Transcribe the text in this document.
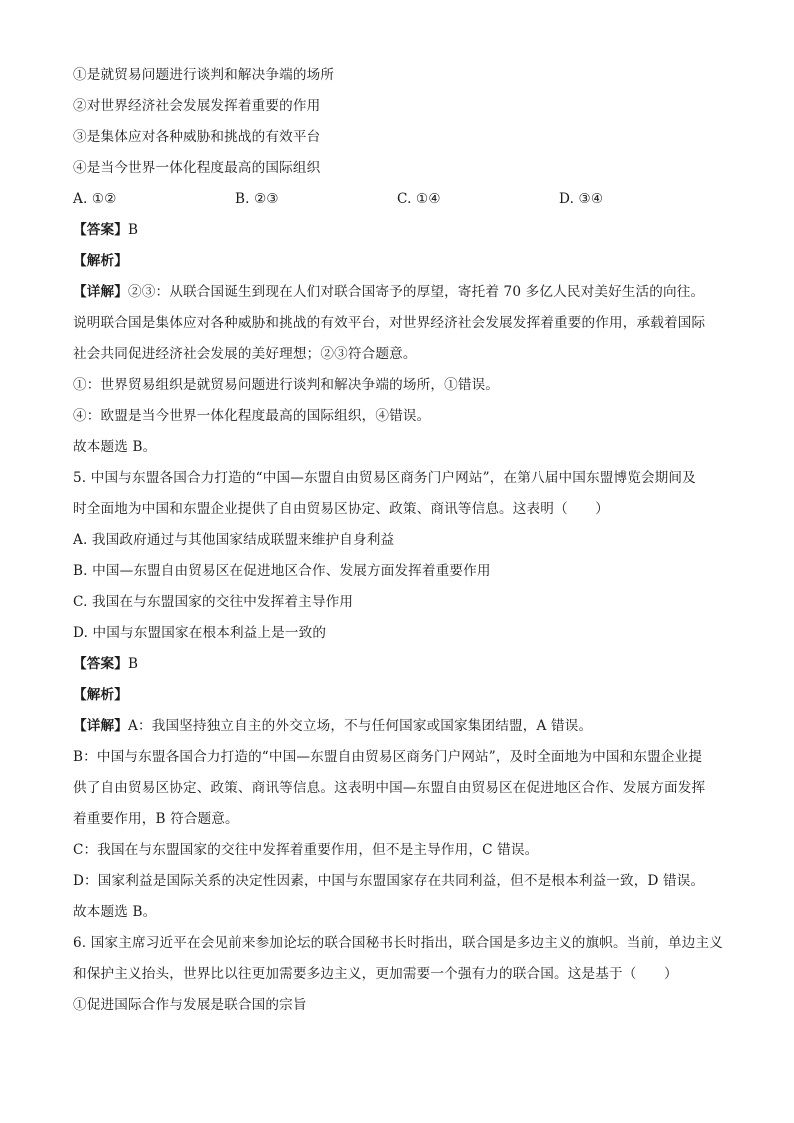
①是就贸易问题进行谈判和解决争端的场所
②对世界经济社会发展发挥着重要的作用
③是集体应对各种威胁和挑战的有效平台
④是当今世界一体化程度最高的国际组织
A. ①②	B. ②③	C. ①④	D. ③④
【答案】B
【解析】
【详解】②③：从联合国诞生到现在人们对联合国寄予的厚望，寄托着 70 多亿人民对美好生活的向往。
说明联合国是集体应对各种威胁和挑战的有效平台，对世界经济社会发展发挥着重要的作用，承载着国际
社会共同促进经济社会发展的美好理想；②③符合题意。
①：世界贸易组织是就贸易问题进行谈判和解决争端的场所，①错误。
④：欧盟是当今世界一体化程度最高的国际组织，④错误。
故本题选 B。
5. 中国与东盟各国合力打造的“中国—东盟自由贸易区商务门户网站”，在第八届中国东盟博览会期间及
时全面地为中国和东盟企业提供了自由贸易区协定、政策、商讯等信息。这表明（　　）
A. 我国政府通过与其他国家结成联盟来维护自身利益
B. 中国—东盟自由贸易区在促进地区合作、发展方面发挥着重要作用
C. 我国在与东盟国家的交往中发挥着主导作用
D. 中国与东盟国家在根本利益上是一致的
【答案】B
【解析】
【详解】A：我国坚持独立自主的外交立场，不与任何国家或国家集团结盟，A 错误。
B：中国与东盟各国合力打造的“中国—东盟自由贸易区商务门户网站”，及时全面地为中国和东盟企业提
供了自由贸易区协定、政策、商讯等信息。这表明中国—东盟自由贸易区在促进地区合作、发展方面发挥
着重要作用，B 符合题意。
C：我国在与东盟国家的交往中发挥着重要作用，但不是主导作用，C 错误。
D：国家利益是国际关系的决定性因素，中国与东盟国家存在共同利益，但不是根本利益一致，D 错误。
故本题选 B。
6. 国家主席习近平在会见前来参加论坛的联合国秘书长时指出，联合国是多边主义的旗帜。当前，单边主义
和保护主义抬头，世界比以往更加需要多边主义，更加需要一个强有力的联合国。这是基于（　　）
①促进国际合作与发展是联合国的宗旨
